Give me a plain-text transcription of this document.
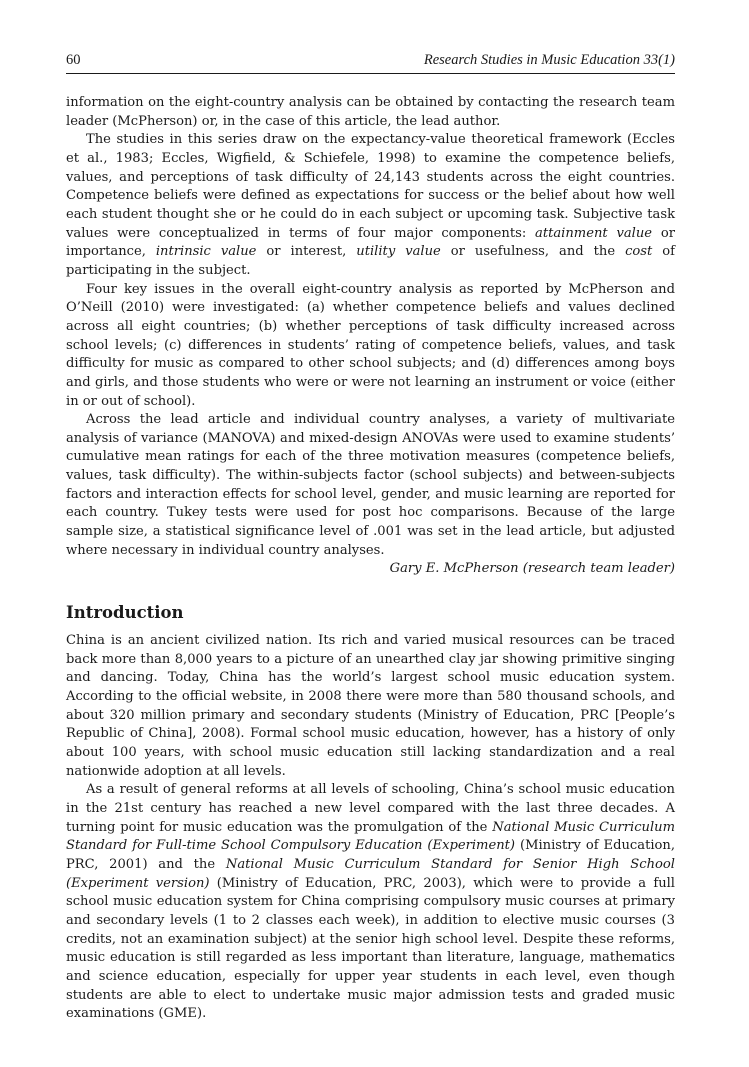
60	Research Studies in Music Education 33(1)

information on the eight-country analysis can be obtained by contacting the research team leader (McPherson) or, in the case of this article, the lead author.

The studies in this series draw on the expectancy-value theoretical framework (Eccles et al., 1983; Eccles, Wigfield, & Schiefele, 1998) to examine the competence beliefs, values, and perceptions of task difficulty of 24,143 students across the eight countries. Competence beliefs were defined as expectations for success or the belief about how well each student thought she or he could do in each subject or upcoming task. Subjective task values were conceptualized in terms of four major components: attainment value or importance, intrinsic value or interest, utility value or usefulness, and the cost of participating in the subject.

Four key issues in the overall eight-country analysis as reported by McPherson and O’Neill (2010) were investigated: (a) whether competence beliefs and values declined across all eight countries; (b) whether perceptions of task difficulty increased across school levels; (c) differences in students’ rating of competence beliefs, values, and task difficulty for music as compared to other school subjects; and (d) differences among boys and girls, and those students who were or were not learning an instrument or voice (either in or out of school).

Across the lead article and individual country analyses, a variety of multivariate analysis of variance (MANOVA) and mixed-design ANOVAs were used to examine students’ cumulative mean ratings for each of the three motivation measures (competence beliefs, values, task difficulty). The within-subjects factor (school subjects) and between-subjects factors and interaction effects for school level, gender, and music learning are reported for each country. Tukey tests were used for post hoc comparisons. Because of the large sample size, a statistical significance level of .001 was set in the lead article, but adjusted where necessary in individual country analyses.

Gary E. McPherson (research team leader)

Introduction

China is an ancient civilized nation. Its rich and varied musical resources can be traced back more than 8,000 years to a picture of an unearthed clay jar showing primitive singing and dancing. Today, China has the world’s largest school music education system. According to the official website, in 2008 there were more than 580 thousand schools, and about 320 million primary and secondary students (Ministry of Education, PRC [People’s Republic of China], 2008). Formal school music education, however, has a history of only about 100 years, with school music education still lacking standardization and a real nationwide adoption at all levels.

As a result of general reforms at all levels of schooling, China’s school music education in the 21st century has reached a new level compared with the last three decades. A turning point for music education was the promulgation of the National Music Curriculum Standard for Full-time School Compulsory Education (Experiment) (Ministry of Education, PRC, 2001) and the National Music Curriculum Standard for Senior High School (Experiment version) (Ministry of Education, PRC, 2003), which were to provide a full school music education system for China comprising compulsory music courses at primary and secondary levels (1 to 2 classes each week), in addition to elective music courses (3 credits, not an examination subject) at the senior high school level. Despite these reforms, music education is still regarded as less important than literature, language, mathematics and science education, especially for upper year students in each level, even though students are able to elect to undertake music major admission tests and graded music examinations (GME).
